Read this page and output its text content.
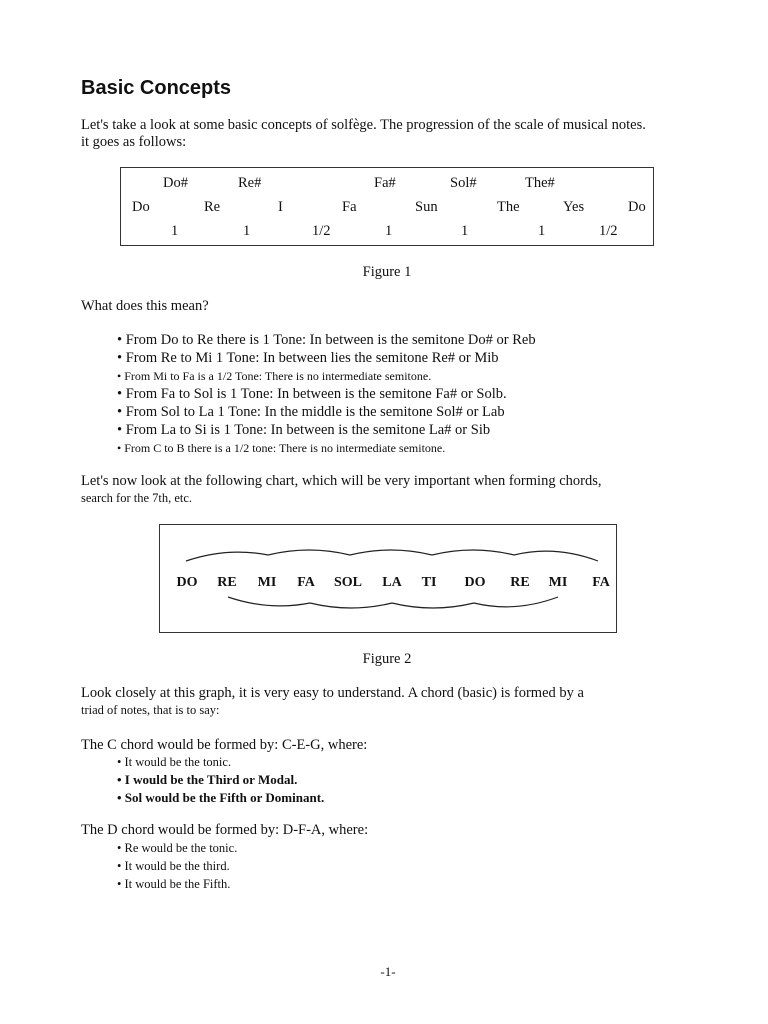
Basic Concepts
Let's take a look at some basic concepts of solfège. The progression of the scale of musical notes.
it goes as follows:
Do#	Re#	Fa#	Sol#	The#
Do	Re	I	Fa	Sun	The	Yes	Do
1	1	1/2	1	1	1	1/2
Figure 1
What does this mean?
• From Do to Re there is 1 Tone: In between is the semitone Do# or Reb
• From Re to Mi 1 Tone: In between lies the semitone Re# or Mib
• From Mi to Fa is a 1/2 Tone: There is no intermediate semitone.
• From Fa to Sol is 1 Tone: In between is the semitone Fa# or Solb.
• From Sol to La 1 Tone: In the middle is the semitone Sol# or Lab
• From La to Si is 1 Tone: In between is the semitone La# or Sib
• From C to B there is a 1/2 tone: There is no intermediate semitone.
Let's now look at the following chart, which will be very important when forming chords,
search for the 7th, etc.
DO RE MI FA SOL LA TI DO RE MI FA
Figure 2
Look closely at this graph, it is very easy to understand. A chord (basic) is formed by a
triad of notes, that is to say:
The C chord would be formed by: C-E-G, where:
• It would be the tonic.
• I would be the Third or Modal.
• Sol would be the Fifth or Dominant.
The D chord would be formed by: D-F-A, where:
• Re would be the tonic.
• It would be the third.
• It would be the Fifth.
-1-
